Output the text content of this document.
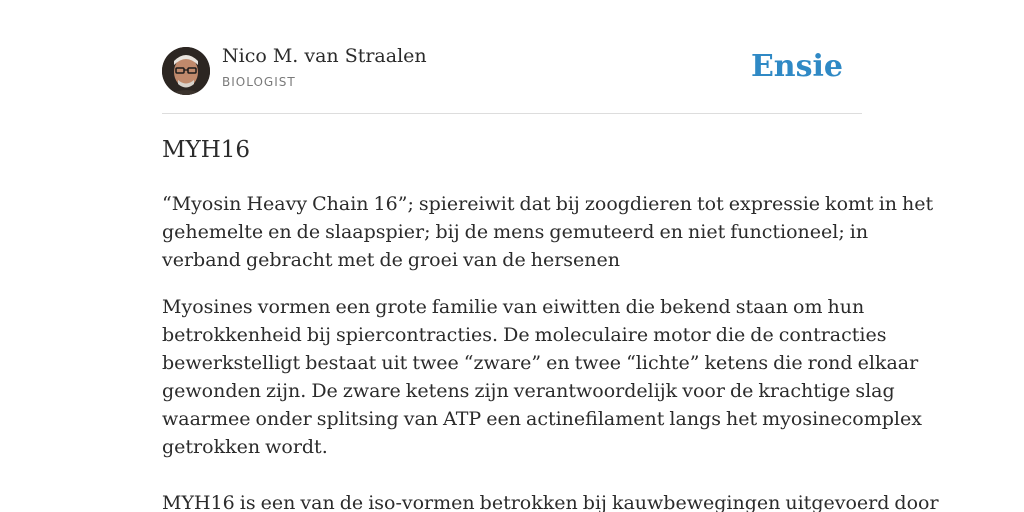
Nico M. van Straalen
BIOLOGIST	Ensie
MYH16
“Myosin Heavy Chain 16”; spiereiwit dat bij zoogdieren tot expressie komt in het
gehemelte en de slaapspier; bij de mens gemuteerd en niet functioneel; in
verband gebracht met de groei van de hersenen

Myosines vormen een grote familie van eiwitten die bekend staan om hun
betrokkenheid bij spiercontracties. De moleculaire motor die de contracties
bewerkstelligt bestaat uit twee “zware” en twee “lichte” ketens die rond elkaar
gewonden zijn. De zware ketens zijn verantwoordelijk voor de krachtige slag
waarmee onder splitsing van ATP een actinefilament langs het myosinecomplex
getrokken wordt.

MYH16 is een van de iso-vormen betrokken bij kauwbewegingen uitgevoerd door
